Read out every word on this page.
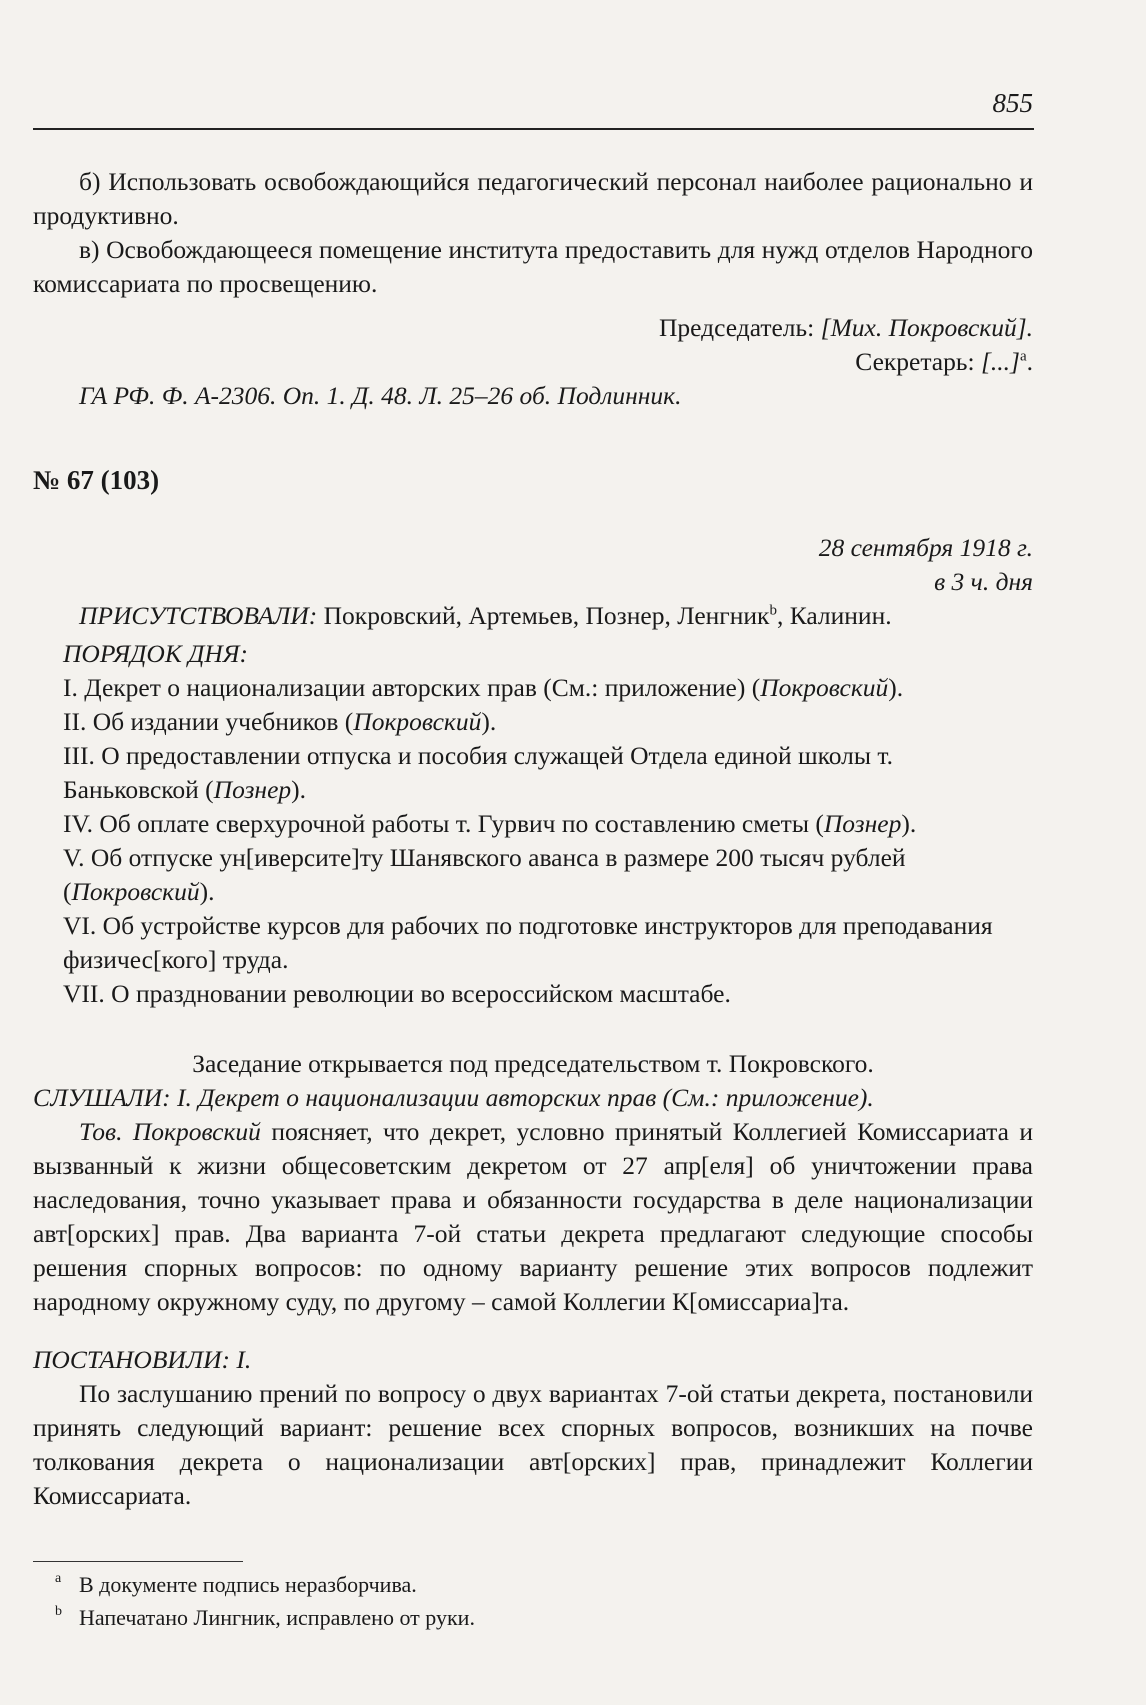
855

б) Использовать освобождающийся педагогический персонал наиболее рационально и продуктивно.

в) Освобождающееся помещение института предоставить для нужд отделов Народного комиссариата по просвещению.

Председатель: [Мих. Покровский].

Секретарь: [...]$^a$.

ГА РФ. Ф. А-2306. Оп. 1. Д. 48. Л. 25–26 об. Подлинник.

№ 67 (103)

28 сентября 1918 г.

в 3 ч. дня

ПРИСУТСТВОВАЛИ: Покровский, Артемьев, Познер, Ленгник$^b$, Калинин.

ПОРЯДОК ДНЯ:

I. Декрет о национализации авторских прав (См.: приложение) (Покровский).

II. Об издании учебников (Покровский).

III. О предоставлении отпуска и пособия служащей Отдела единой школы т. Баньковской (Познер).

IV. Об оплате сверхурочной работы т. Гурвич по составлению сметы (Познер).

V. Об отпуске ун[иверсите]ту Шанявского аванса в размере 200 тысяч рублей (Покровский).

VI. Об устройстве курсов для рабочих по подготовке инструкторов для преподавания физичес[кого] труда.

VII. О праздновании революции во всероссийском масштабе.

Заседание открывается под председательством т. Покровского.

СЛУШАЛИ: I. Декрет о национализации авторских прав (См.: приложение).

Тов. Покровский поясняет, что декрет, условно принятый Коллегией Комиссариата и вызванный к жизни общесоветским декретом от 27 апр[еля] об уничтожении права наследования, точно указывает права и обязанности государства в деле национализации авт[орских] прав. Два варианта 7-ой статьи декрета предлагают следующие способы решения спорных вопросов: по одному варианту решение этих вопросов подлежит народному окружному суду, по другому – самой Коллегии К[омиссариа]та.

ПОСТАНОВИЛИ: I.

По заслушанию прений по вопросу о двух вариантах 7-ой статьи декрета, постановили принять следующий вариант: решение всех спорных вопросов, возникших на почве толкования декрета о национализации авт[орских] прав, принадлежит Коллегии Комиссариата.

a В документе подпись неразборчива.
b Напечатано Лингник, исправлено от руки.
